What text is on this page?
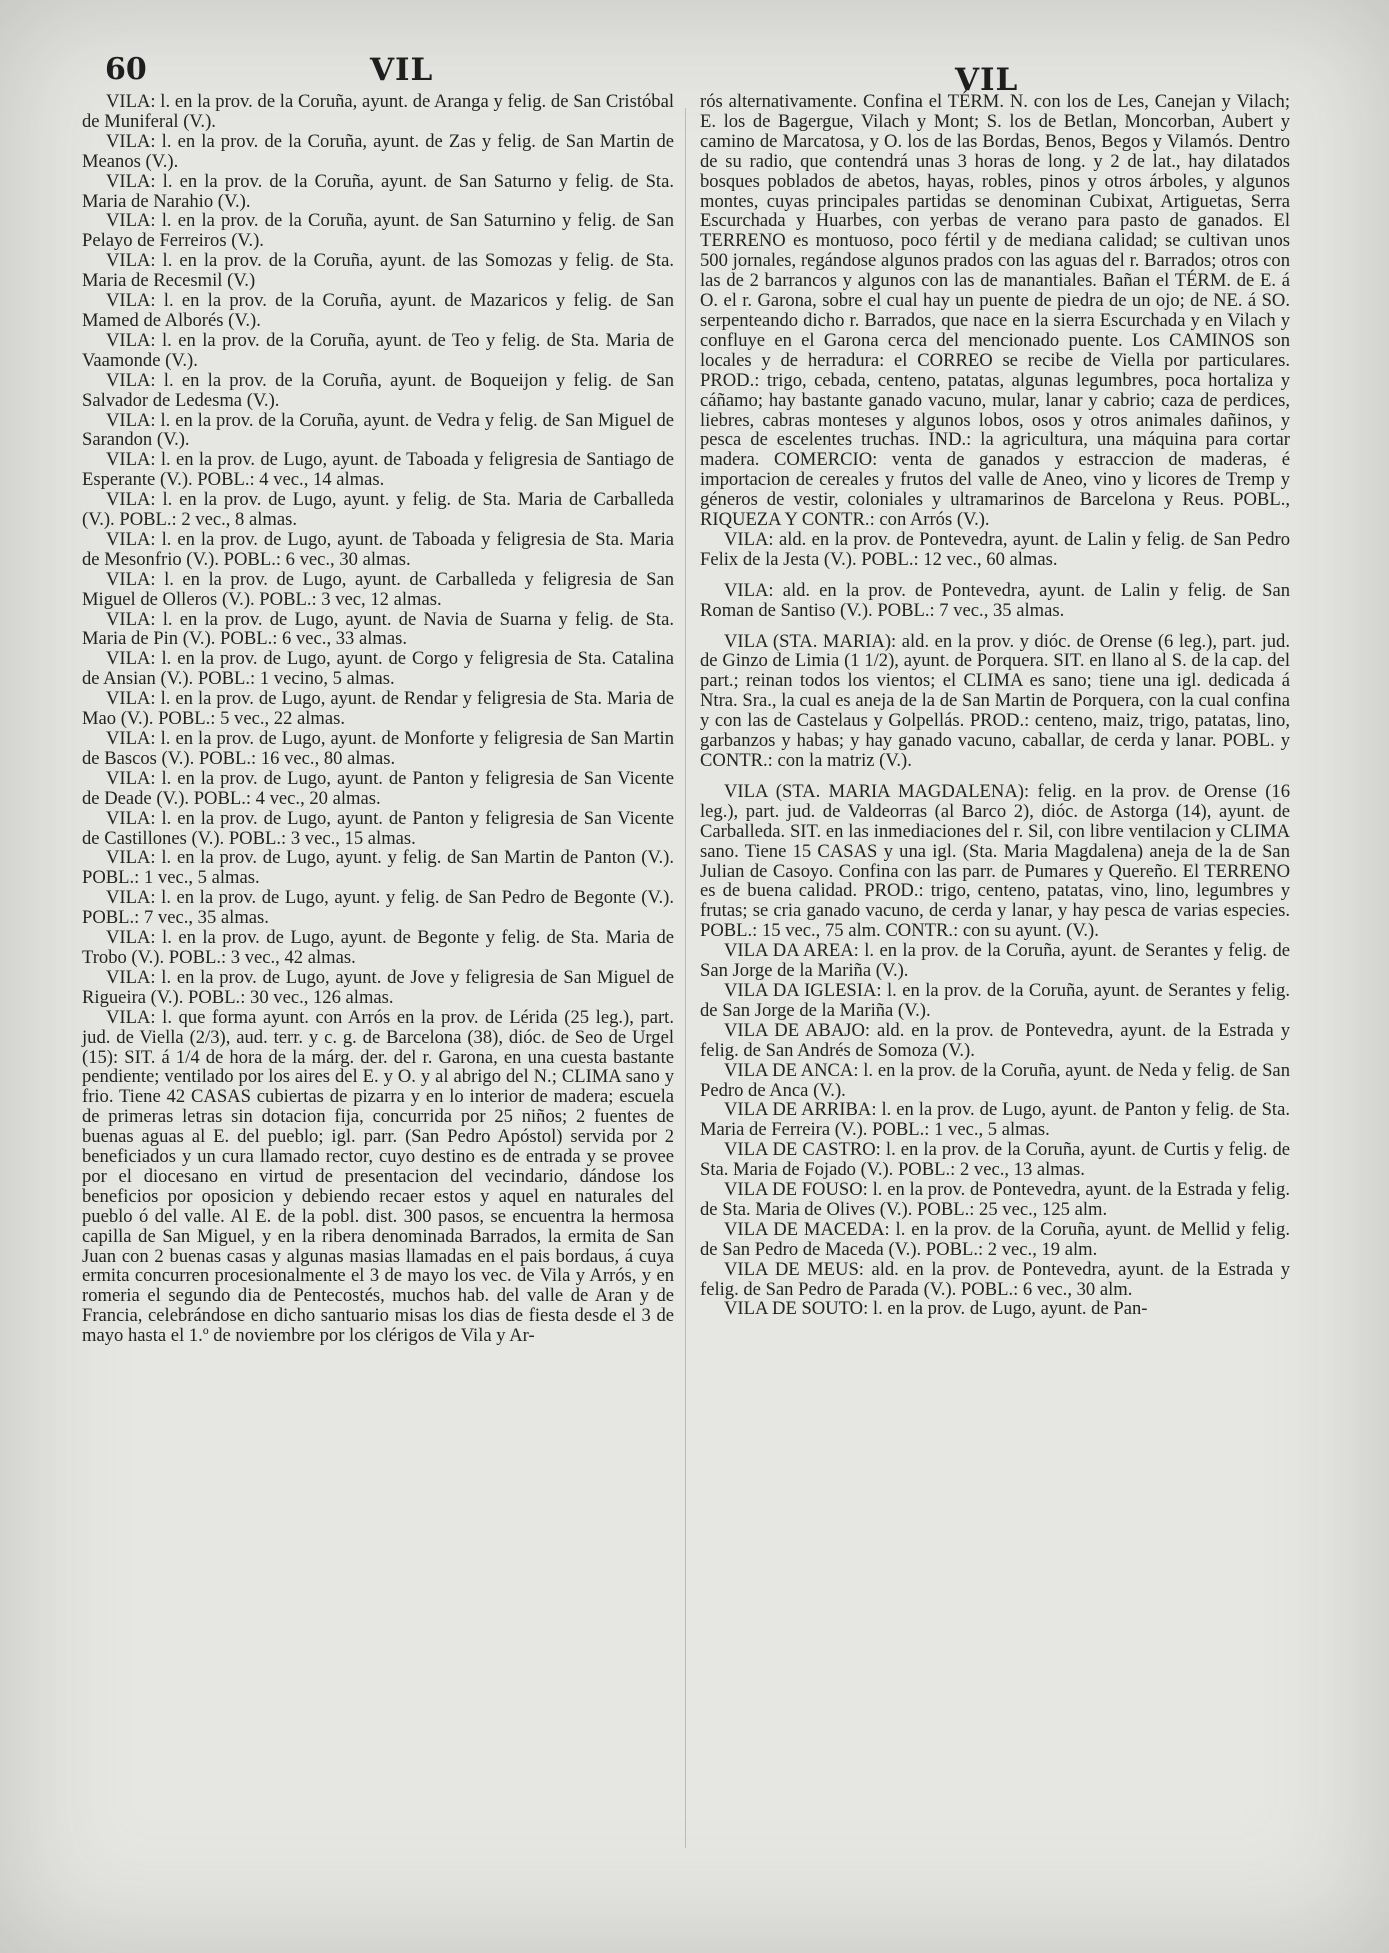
60	VIL	VIL

VILA: l. en la prov. de la Coruña, ayunt. de Aranga y felig. de San Cristóbal de Muniferal (V.).

VILA: l. en la prov. de la Coruña, ayunt. de Zas y felig. de San Martin de Meanos (V.).

VILA: l. en la prov. de la Coruña, ayunt. de San Saturno y felig. de Sta. Maria de Narahio (V.).

VILA: l. en la prov. de la Coruña, ayunt. de San Saturnino y felig. de San Pelayo de Ferreiros (V.).

VILA: l. en la prov. de la Coruña, ayunt. de las Somozas y felig. de Sta. Maria de Recesmil (V.)

VILA: l. en la prov. de la Coruña, ayunt. de Mazaricos y felig. de San Mamed de Alborés (V.).

VILA: l. en la prov. de la Coruña, ayunt. de Teo y felig. de Sta. Maria de Vaamonde (V.).

VILA: l. en la prov. de la Coruña, ayunt. de Boqueijon y felig. de San Salvador de Ledesma (V.).

VILA: l. en la prov. de la Coruña, ayunt. de Vedra y felig. de San Miguel de Sarandon (V.).

VILA: l. en la prov. de Lugo, ayunt. de Taboada y feligresia de Santiago de Esperante (V.). POBL.: 4 vec., 14 almas.

VILA: l. en la prov. de Lugo, ayunt. y felig. de Sta. Maria de Carballeda (V.). POBL.: 2 vec., 8 almas.

VILA: l. en la prov. de Lugo, ayunt. de Taboada y feligresia de Sta. Maria de Mesonfrio (V.). POBL.: 6 vec., 30 almas.

VILA: l. en la prov. de Lugo, ayunt. de Carballeda y feligresia de San Miguel de Olleros (V.). POBL.: 3 vec, 12 almas.

VILA: l. en la prov. de Lugo, ayunt. de Navia de Suarna y felig. de Sta. Maria de Pin (V.). POBL.: 6 vec., 33 almas.

VILA: l. en la prov. de Lugo, ayunt. de Corgo y feligresia de Sta. Catalina de Ansian (V.). POBL.: 1 vecino, 5 almas.

VILA: l. en la prov. de Lugo, ayunt. de Rendar y feligresia de Sta. Maria de Mao (V.). POBL.: 5 vec., 22 almas.

VILA: l. en la prov. de Lugo, ayunt. de Monforte y feligresia de San Martin de Bascos (V.). POBL.: 16 vec., 80 almas.

VILA: l. en la prov. de Lugo, ayunt. de Panton y feligresia de San Vicente de Deade (V.). POBL.: 4 vec., 20 almas.

VILA: l. en la prov. de Lugo, ayunt. de Panton y feligresia de San Vicente de Castillones (V.). POBL.: 3 vec., 15 almas.

VILA: l. en la prov. de Lugo, ayunt. y felig. de San Martin de Panton (V.). POBL.: 1 vec., 5 almas.

VILA: l. en la prov. de Lugo, ayunt. y felig. de San Pedro de Begonte (V.). POBL.: 7 vec., 35 almas.

VILA: l. en la prov. de Lugo, ayunt. de Begonte y felig. de Sta. Maria de Trobo (V.). POBL.: 3 vec., 42 almas.

VILA: l. en la prov. de Lugo, ayunt. de Jove y feligresia de San Miguel de Rigueira (V.). POBL.: 30 vec., 126 almas.

VILA: l. que forma ayunt. con Arrós en la prov. de Lérida (25 leg.), part. jud. de Viella (2/3), aud. terr. y c. g. de Barcelona (38), dióc. de Seo de Urgel (15): SIT. á 1/4 de hora de la márg. der. del r. Garona, en una cuesta bastante pendiente; ventilado por los aires del E. y O. y al abrigo del N.; CLIMA sano y frio. Tiene 42 CASAS cubiertas de pizarra y en lo interior de madera; escuela de primeras letras sin dotacion fija, concurrida por 25 niños; 2 fuentes de buenas aguas al E. del pueblo; igl. parr. (San Pedro Apóstol) servida por 2 beneficiados y un cura llamado rector, cuyo destino es de entrada y se provee por el diocesano en virtud de presentacion del vecindario, dándose los beneficios por oposicion y debiendo recaer estos y aquel en naturales del pueblo ó del valle. Al E. de la pobl. dist. 300 pasos, se encuentra la hermosa capilla de San Miguel, y en la ribera denominada Barrados, la ermita de San Juan con 2 buenas casas y algunas masias llamadas en el pais bordaus, á cuya ermita concurren procesionalmente el 3 de mayo los vec. de Vila y Arrós, y en romeria el segundo dia de Pentecostés, muchos hab. del valle de Aran y de Francia, celebrándose en dicho santuario misas los dias de fiesta desde el 3 de mayo hasta el 1.º de noviembre por los clérigos de Vila y Ar-

rós alternativamente. Confina el TÉRM. N. con los de Les, Canejan y Vilach; E. los de Bagergue, Vilach y Mont; S. los de Betlan, Moncorban, Aubert y camino de Marcatosa, y O. los de las Bordas, Benos, Begos y Vilamós. Dentro de su radio, que contendrá unas 3 horas de long. y 2 de lat., hay dilatados bosques poblados de abetos, hayas, robles, pinos y otros árboles, y algunos montes, cuyas principales partidas se denominan Cubixat, Artiguetas, Serra Escurchada y Huarbes, con yerbas de verano para pasto de ganados. El TERRENO es montuoso, poco fértil y de mediana calidad; se cultivan unos 500 jornales, regándose algunos prados con las aguas del r. Barrados; otros con las de 2 barrancos y algunos con las de manantiales. Bañan el TÉRM. de E. á O. el r. Garona, sobre el cual hay un puente de piedra de un ojo; de NE. á SO. serpenteando dicho r. Barrados, que nace en la sierra Escurchada y en Vilach y confluye en el Garona cerca del mencionado puente. Los CAMINOS son locales y de herradura: el CORREO se recibe de Viella por particulares. PROD.: trigo, cebada, centeno, patatas, algunas legumbres, poca hortaliza y cáñamo; hay bastante ganado vacuno, mular, lanar y cabrio; caza de perdices, liebres, cabras monteses y algunos lobos, osos y otros animales dañinos, y pesca de escelentes truchas. IND.: la agricultura, una máquina para cortar madera. COMERCIO: venta de ganados y estraccion de maderas, é importacion de cereales y frutos del valle de Aneo, vino y licores de Tremp y géneros de vestir, coloniales y ultramarinos de Barcelona y Reus. POBL., RIQUEZA Y CONTR.: con Arrós (V.).

VILA: ald. en la prov. de Pontevedra, ayunt. de Lalin y felig. de San Pedro Felix de la Jesta (V.). POBL.: 12 vec., 60 almas.

VILA: ald. en la prov. de Pontevedra, ayunt. de Lalin y felig. de San Roman de Santiso (V.). POBL.: 7 vec., 35 almas.

VILA (STA. MARIA): ald. en la prov. y dióc. de Orense (6 leg.), part. jud. de Ginzo de Limia (1 1/2), ayunt. de Porquera. SIT. en llano al S. de la cap. del part.; reinan todos los vientos; el CLIMA es sano; tiene una igl. dedicada á Ntra. Sra., la cual es aneja de la de San Martin de Porquera, con la cual confina y con las de Castelaus y Golpellás. PROD.: centeno, maiz, trigo, patatas, lino, garbanzos y habas; y hay ganado vacuno, caballar, de cerda y lanar. POBL. y CONTR.: con la matriz (V.).

VILA (STA. MARIA MAGDALENA): felig. en la prov. de Orense (16 leg.), part. jud. de Valdeorras (al Barco 2), dióc. de Astorga (14), ayunt. de Carballeda. SIT. en las inmediaciones del r. Sil, con libre ventilacion y CLIMA sano. Tiene 15 CASAS y una igl. (Sta. Maria Magdalena) aneja de la de San Julian de Casoyo. Confina con las parr. de Pumares y Quereño. El TERRENO es de buena calidad. PROD.: trigo, centeno, patatas, vino, lino, legumbres y frutas; se cria ganado vacuno, de cerda y lanar, y hay pesca de varias especies. POBL.: 15 vec., 75 alm. CONTR.: con su ayunt. (V.).

VILA DA AREA: l. en la prov. de la Coruña, ayunt. de Serantes y felig. de San Jorge de la Mariña (V.).

VILA DA IGLESIA: l. en la prov. de la Coruña, ayunt. de Serantes y felig. de San Jorge de la Mariña (V.).

VILA DE ABAJO: ald. en la prov. de Pontevedra, ayunt. de la Estrada y felig. de San Andrés de Somoza (V.).

VILA DE ANCA: l. en la prov. de la Coruña, ayunt. de Neda y felig. de San Pedro de Anca (V.).

VILA DE ARRIBA: l. en la prov. de Lugo, ayunt. de Panton y felig. de Sta. Maria de Ferreira (V.). POBL.: 1 vec., 5 almas.

VILA DE CASTRO: l. en la prov. de la Coruña, ayunt. de Curtis y felig. de Sta. Maria de Fojado (V.). POBL.: 2 vec., 13 almas.

VILA DE FOUSO: l. en la prov. de Pontevedra, ayunt. de la Estrada y felig. de Sta. Maria de Olives (V.). POBL.: 25 vec., 125 alm.

VILA DE MACEDA: l. en la prov. de la Coruña, ayunt. de Mellid y felig. de San Pedro de Maceda (V.). POBL.: 2 vec., 19 alm.

VILA DE MEUS: ald. en la prov. de Pontevedra, ayunt. de la Estrada y felig. de San Pedro de Parada (V.). POBL.: 6 vec., 30 alm.

VILA DE SOUTO: l. en la prov. de Lugo, ayunt. de Pan-
